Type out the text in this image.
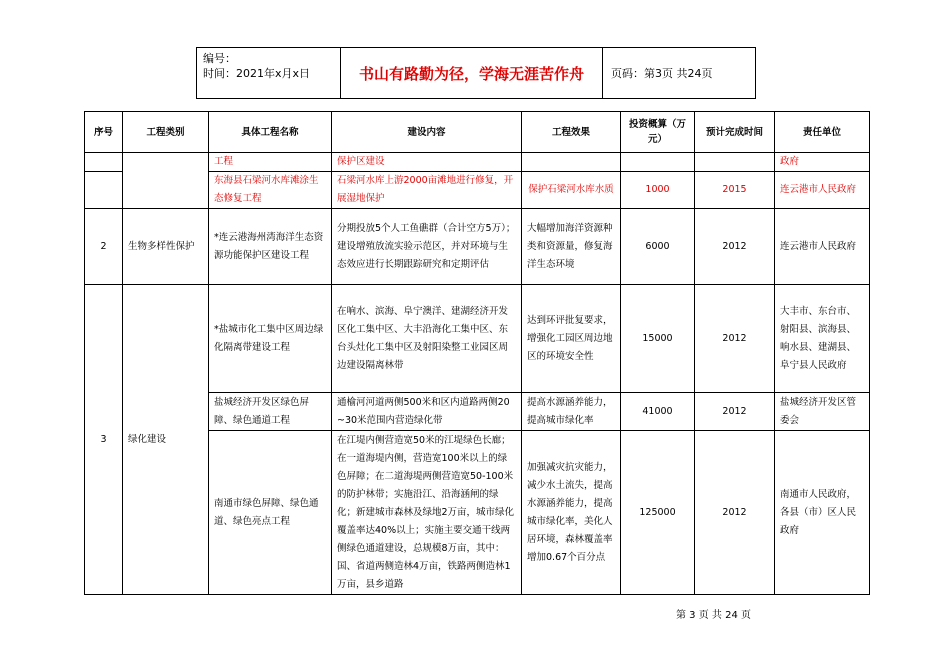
编号：
时间：2021年x月x日	书山有路勤为径，学海无涯苦作舟	页码：第3页 共24页
序号	工程类别	具体工程名称	建设内容	工程效果	投资概算（万元）	预计完成时间	责任单位
		工程	保护区建设				政府
		东海县石梁河水库滩涂生态修复工程	石梁河水库上游2000亩滩地进行修复，开展湿地保护	保护石梁河水库水质	1000	2015	连云港市人民政府
2	生物多样性保护	*连云港海州湾海洋生态资源功能保护区建设工程	分期投放5个人工鱼礁群（合计空方5万）；建设增殖放流实验示范区，并对环境与生态效应进行长期跟踪研究和定期评估	大幅增加海洋资源种类和资源量，修复海洋生态环境	6000	2012	连云港市人民政府
3	绿化建设	*盐城市化工集中区周边绿化隔离带建设工程	在响水、滨海、阜宁澳洋、建湖经济开发区化工集中区、大丰沿海化工集中区、东台头灶化工集中区及射阳染整工业园区周边建设隔离林带	达到环评批复要求，增强化工园区周边地区的环境安全性	15000	2012	大丰市、东台市、射阳县、滨海县、响水县、建湖县、阜宁县人民政府
		盐城经济开发区绿色屏障、绿色通道工程	通榆河河道两侧500米和区内道路两侧20~30米范围内营造绿化带	提高水源涵养能力，提高城市绿化率	41000	2012	盐城经济开发区管委会
		南通市绿色屏障、绿色通道、绿色亮点工程	在江堤内侧营造宽50米的江堤绿色长廊；在一道海堤内侧，营造宽100米以上的绿色屏障；在二道海堤两侧营造宽50-100米的防护林带；实施沿江、沿海涵闸的绿化；新建城市森林及绿地2万亩，城市绿化覆盖率达40%以上；实施主要交通干线两侧绿色通道建设，总规模8万亩，其中：国、省道两侧造林4万亩，铁路两侧造林1万亩，县乡道路	加强减灾抗灾能力，减少水土流失，提高水源涵养能力，提高城市绿化率，美化人居环境，森林覆盖率增加0.67个百分点	125000	2012	南通市人民政府，各县（市）区人民政府
第 3 页 共 24 页
